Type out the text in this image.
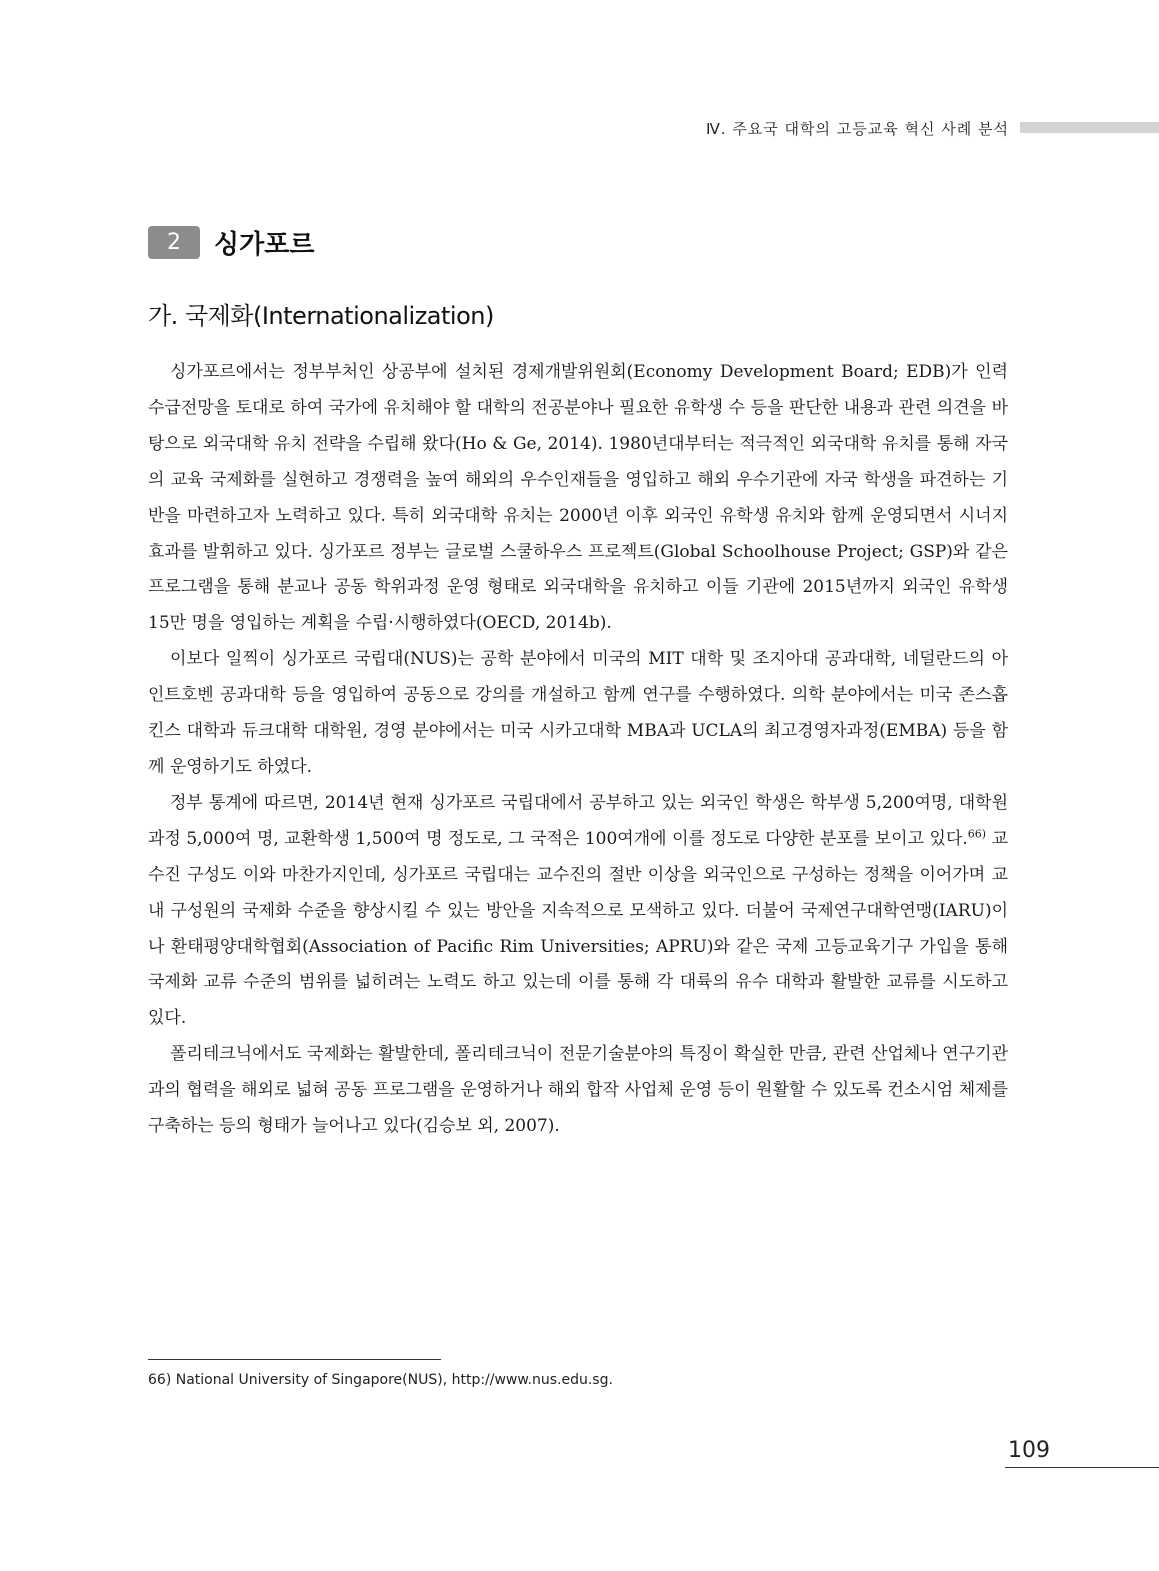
Ⅳ. 주요국 대학의 고등교육 혁신 사례 분석
2	싱가포르
가. 국제화(Internationalization)

싱가포르에서는 정부부처인 상공부에 설치된 경제개발위원회(Economy Development Board; EDB)가 인력수급전망을 토대로 하여 국가에 유치해야 할 대학의 전공분야나 필요한 유학생 수 등을 판단한 내용과 관련 의견을 바탕으로 외국대학 유치 전략을 수립해 왔다(Ho & Ge, 2014). 1980년대부터는 적극적인 외국대학 유치를 통해 자국의 교육 국제화를 실현하고 경쟁력을 높여 해외의 우수인재들을 영입하고 해외 우수기관에 자국 학생을 파견하는 기반을 마련하고자 노력하고 있다. 특히 외국대학 유치는 2000년 이후 외국인 유학생 유치와 함께 운영되면서 시너지 효과를 발휘하고 있다. 싱가포르 정부는 글로벌 스쿨하우스 프로젝트(Global Schoolhouse Project; GSP)와 같은 프로그램을 통해 분교나 공동 학위과정 운영 형태로 외국대학을 유치하고 이들 기관에 2015년까지 외국인 유학생 15만 명을 영입하는 계획을 수립·시행하였다(OECD, 2014b).

이보다 일찍이 싱가포르 국립대(NUS)는 공학 분야에서 미국의 MIT 대학 및 조지아대 공과대학, 네덜란드의 아인트호벤 공과대학 등을 영입하여 공동으로 강의를 개설하고 함께 연구를 수행하였다. 의학 분야에서는 미국 존스홉킨스 대학과 듀크대학 대학원, 경영 분야에서는 미국 시카고대학 MBA과 UCLA의 최고경영자과정(EMBA) 등을 함께 운영하기도 하였다.

정부 통계에 따르면, 2014년 현재 싱가포르 국립대에서 공부하고 있는 외국인 학생은 학부생 5,200여명, 대학원 과정 5,000여 명, 교환학생 1,500여 명 정도로, 그 국적은 100여개에 이를 정도로 다양한 분포를 보이고 있다.$^{66)}$ 교수진 구성도 이와 마찬가지인데, 싱가포르 국립대는 교수진의 절반 이상을 외국인으로 구성하는 정책을 이어가며 교내 구성원의 국제화 수준을 향상시킬 수 있는 방안을 지속적으로 모색하고 있다. 더불어 국제연구대학연맹(IARU)이나 환태평양대학협회(Association of Pacific Rim Universities; APRU)와 같은 국제 고등교육기구 가입을 통해 국제화 교류 수준의 범위를 넓히려는 노력도 하고 있는데 이를 통해 각 대륙의 유수 대학과 활발한 교류를 시도하고 있다.

폴리테크닉에서도 국제화는 활발한데, 폴리테크닉이 전문기술분야의 특징이 확실한 만큼, 관련 산업체나 연구기관과의 협력을 해외로 넓혀 공동 프로그램을 운영하거나 해외 합작 사업체 운영 등이 원활할 수 있도록 컨소시엄 체제를 구축하는 등의 형태가 늘어나고 있다(김승보 외, 2007).

66) National University of Singapore(NUS), http://www.nus.edu.sg.
109
